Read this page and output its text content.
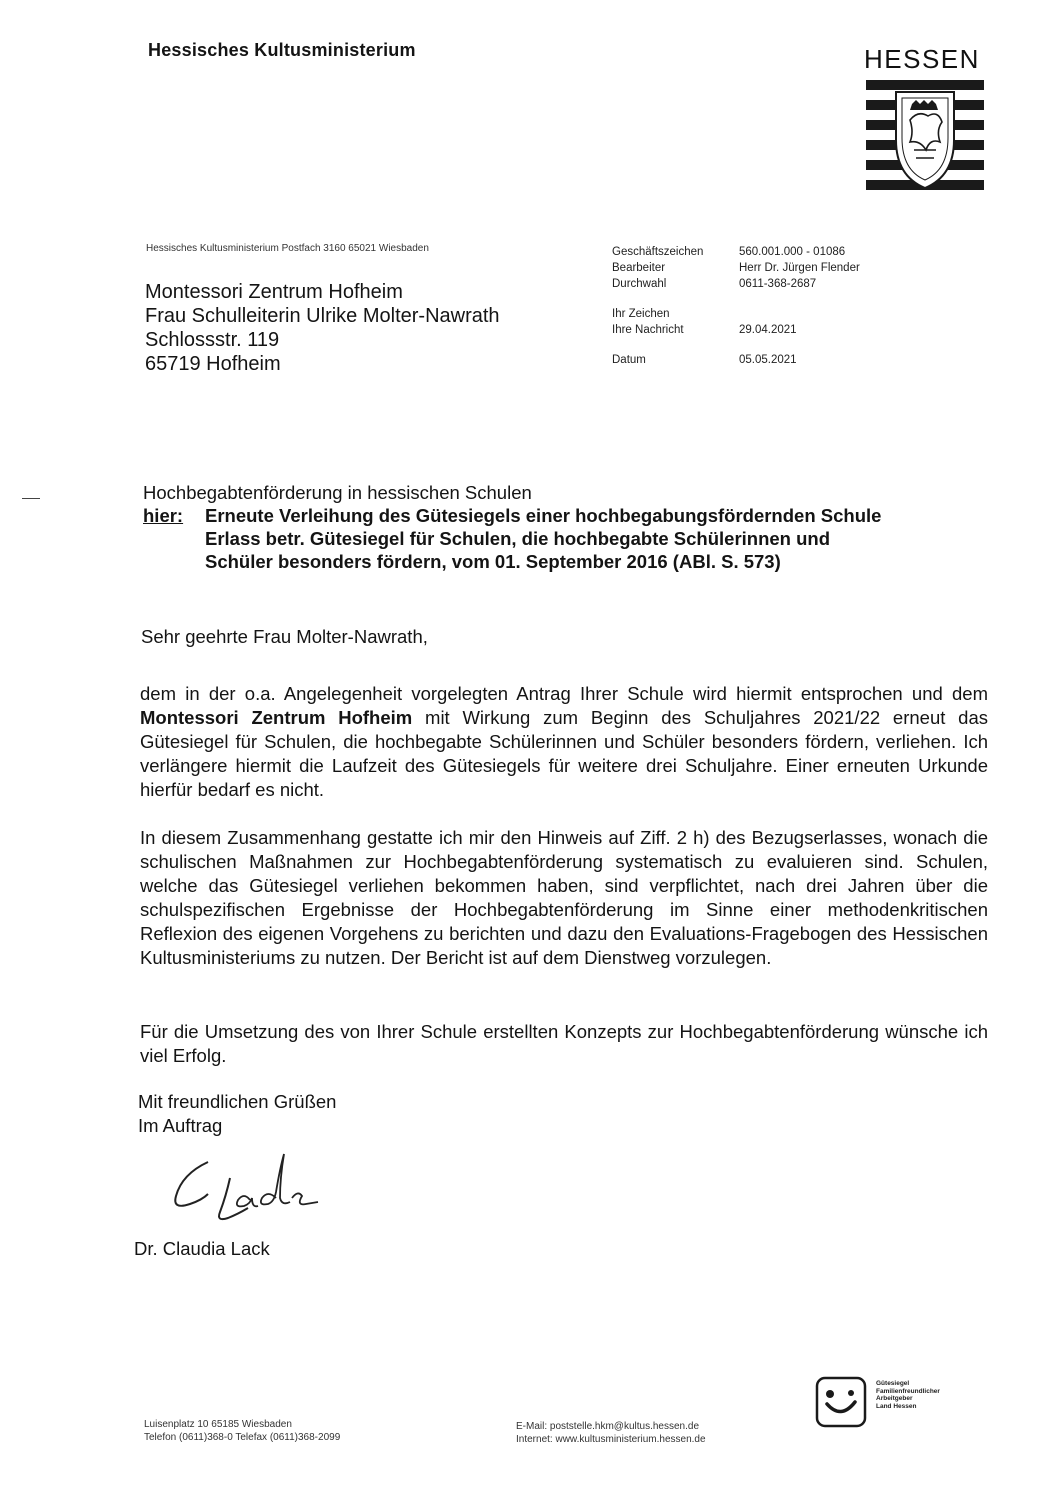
Hessisches Kultusministerium	HESSEN
Hessisches Kultusministerium Postfach 3160 65021 Wiesbaden
Montessori Zentrum Hofheim
Frau Schulleiterin Ulrike Molter-Nawrath
Schlossstr. 119
65719 Hofheim
Geschäftszeichen	560.001.000 - 01086
Bearbeiter	Herr Dr. Jürgen Flender
Durchwahl	0611-368-2687
Ihr Zeichen
Ihre Nachricht	29.04.2021
Datum	05.05.2021
Hochbegabtenförderung in hessischen Schulen
hier: Erneute Verleihung des Gütesiegels einer hochbegabungsfördernden Schule
Erlass betr. Gütesiegel für Schulen, die hochbegabte Schülerinnen und
Schüler besonders fördern, vom 01. September 2016 (ABl. S. 573)
Sehr geehrte Frau Molter-Nawrath,
dem in der o.a. Angelegenheit vorgelegten Antrag Ihrer Schule wird hiermit entsprochen und dem Montessori Zentrum Hofheim mit Wirkung zum Beginn des Schuljahres 2021/22 erneut das Gütesiegel für Schulen, die hochbegabte Schülerinnen und Schüler besonders fördern, verliehen. Ich verlängere hiermit die Laufzeit des Gütesiegels für weitere drei Schuljahre. Einer erneuten Urkunde hierfür bedarf es nicht.
In diesem Zusammenhang gestatte ich mir den Hinweis auf Ziff. 2 h) des Bezugserlasses, wonach die schulischen Maßnahmen zur Hochbegabtenförderung systematisch zu evaluieren sind. Schulen, welche das Gütesiegel verliehen bekommen haben, sind verpflichtet, nach drei Jahren über die schulspezifischen Ergebnisse der Hochbegabtenförderung im Sinne einer methodenkritischen Reflexion des eigenen Vorgehens zu berichten und dazu den Evaluations-Fragebogen des Hessischen Kultusministeriums zu nutzen. Der Bericht ist auf dem Dienstweg vorzulegen.
Für die Umsetzung des von Ihrer Schule erstellten Konzepts zur Hochbegabtenförderung wünsche ich viel Erfolg.
Mit freundlichen Grüßen
Im Auftrag
Dr. Claudia Lack
Luisenplatz 10 65185 Wiesbaden
Telefon (0611)368-0 Telefax (0611)368-2099
E-Mail: poststelle.hkm@kultus.hessen.de
Internet: www.kultusministerium.hessen.de
Gütesiegel
Familienfreundlicher
Arbeitgeber
Land Hessen
